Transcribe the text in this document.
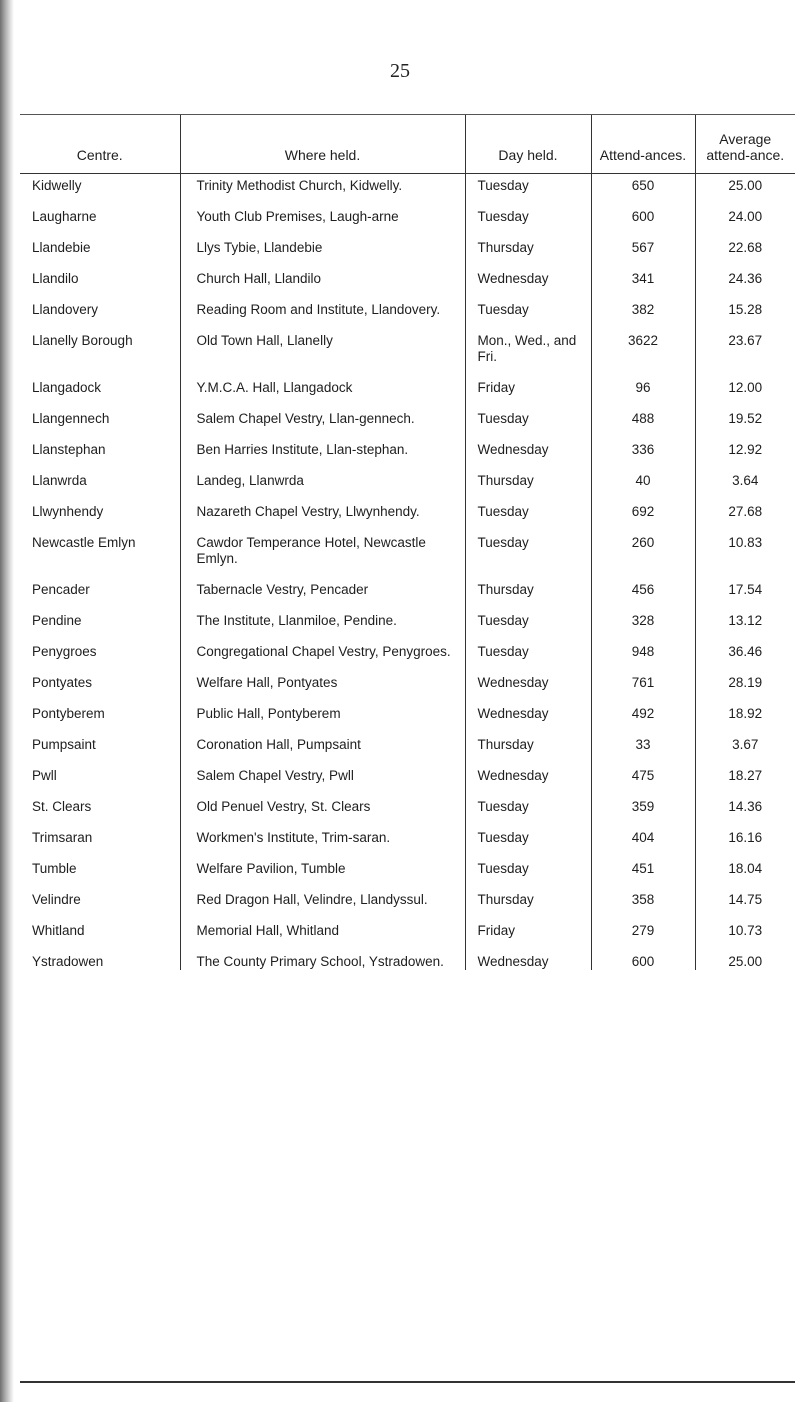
25
Centre.	Where held.	Day held.	Attend-ances.	Average attend-ance.
Kidwelly	Trinity Methodist Church, Kidwelly.	Tuesday	650	25.00
Laugharne	Youth Club Premises, Laugh-arne	Tuesday	600	24.00
Llandebie	Llys Tybie, Llandebie	Thursday	567	22.68
Llandilo	Church Hall, Llandilo	Wednesday	341	24.36
Llandovery	Reading Room and Institute, Llandovery.	Tuesday	382	15.28
Llanelly Borough	Old Town Hall, Llanelly	Mon., Wed., and Fri.	3622	23.67
Llangadock	Y.M.C.A. Hall, Llangadock	Friday	96	12.00
Llangennech	Salem Chapel Vestry, Llan-gennech.	Tuesday	488	19.52
Llanstephan	Ben Harries Institute, Llan-stephan.	Wednesday	336	12.92
Llanwrda	Landeg, Llanwrda	Thursday	40	3.64
Llwynhendy	Nazareth Chapel Vestry, Llwynhendy.	Tuesday	692	27.68
Newcastle Emlyn	Cawdor Temperance Hotel, Newcastle Emlyn.	Tuesday	260	10.83
Pencader	Tabernacle Vestry, Pencader	Thursday	456	17.54
Pendine	The Institute, Llanmiloe, Pendine.	Tuesday	328	13.12
Penygroes	Congregational Chapel Vestry, Penygroes.	Tuesday	948	36.46
Pontyates	Welfare Hall, Pontyates	Wednesday	761	28.19
Pontyberem	Public Hall, Pontyberem	Wednesday	492	18.92
Pumpsaint	Coronation Hall, Pumpsaint	Thursday	33	3.67
Pwll	Salem Chapel Vestry, Pwll	Wednesday	475	18.27
St. Clears	Old Penuel Vestry, St. Clears	Tuesday	359	14.36
Trimsaran	Workmen's Institute, Trim-saran.	Tuesday	404	16.16
Tumble	Welfare Pavilion, Tumble	Tuesday	451	18.04
Velindre	Red Dragon Hall, Velindre, Llandyssul.	Thursday	358	14.75
Whitland	Memorial Hall, Whitland	Friday	279	10.73
Ystradowen	The County Primary School, Ystradowen.	Wednesday	600	25.00
